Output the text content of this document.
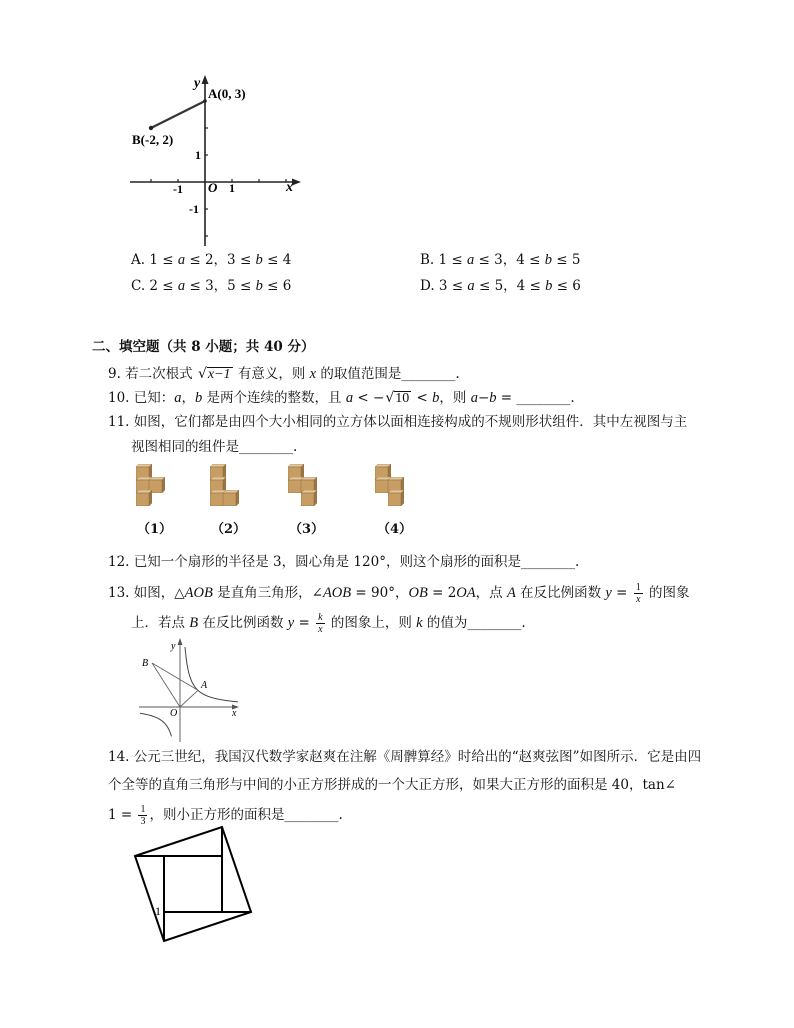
y
A(0, 3)
B(-2, 2)
1
-1
-1 O 1	x
A. 1 ≤ a ≤ 2，3 ≤ b ≤ 4	B. 1 ≤ a ≤ 3，4 ≤ b ≤ 5
C. 2 ≤ a ≤ 3，5 ≤ b ≤ 6	D. 3 ≤ a ≤ 5，4 ≤ b ≤ 6
二、填空题（共 8 小题；共 40 分）
9. 若二次根式 √ x−1 有意义，则 x 的取值范围是________.
10. 已知：a，b 是两个连续的整数，且 a < − √ 10 < b，则 a−b = ________.
11. 如图，它们都是由四个大小相同的立方体以面相连接构成的不规则形状组件．其中左视图与主
视图相同的组件是________.
（1）	（2）	（3）	（4）
12. 已知一个扇形的半径是 3，圆心角是 120°，则这个扇形的面积是________.
13. 如图，△AOB 是直角三角形，∠AOB = 90°，OB = 2OA，点 A 在反比例函数 $y = \frac{1}{x}$ 的图象
上．若点 B 在反比例函数 $y = \frac{k}{x}$ 的图象上，则 k 的值为________.
y
x
O
A
B
14. 公元三世纪，我国汉代数学家赵爽在注解《周髀算经》时给出的“赵爽弦图”如图所示．它是由四
个全等的直角三角形与中间的小正方形拼成的一个大正方形，如果大正方形的面积是 40，tan∠
$1 = \frac{1}{3}$ ，则小正方形的面积是________.
1
